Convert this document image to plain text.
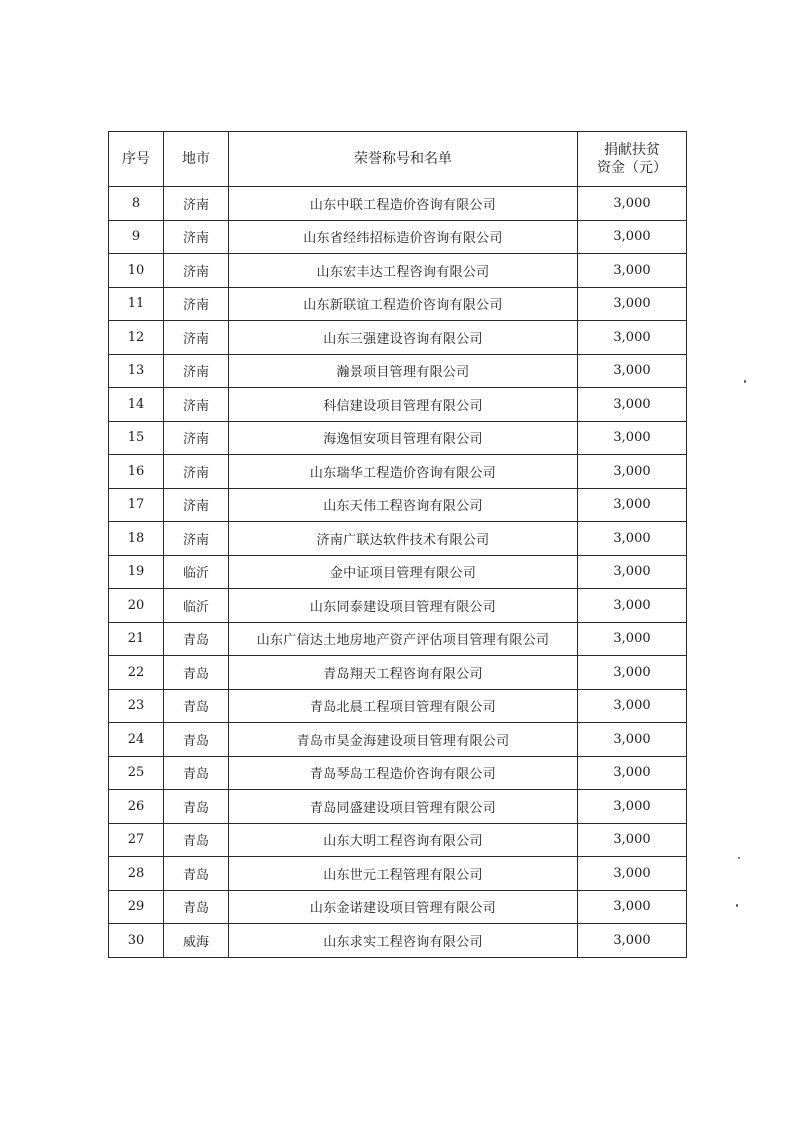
序号	地市	荣誉称号和名单	捐献扶贫
资金（元）

8	济南	山东中联工程造价咨询有限公司	3,000
9	济南	山东省经纬招标造价咨询有限公司	3,000
10	济南	山东宏丰达工程咨询有限公司	3,000
11	济南	山东新联谊工程造价咨询有限公司	3,000
12	济南	山东三强建设咨询有限公司	3,000
13	济南	瀚景项目管理有限公司	3,000
14	济南	科信建设项目管理有限公司	3,000
15	济南	海逸恒安项目管理有限公司	3,000
16	济南	山东瑞华工程造价咨询有限公司	3,000
17	济南	山东天伟工程咨询有限公司	3,000
18	济南	济南广联达软件技术有限公司	3,000
19	临沂	金中证项目管理有限公司	3,000
20	临沂	山东同泰建设项目管理有限公司	3,000
21	青岛	山东广信达土地房地产资产评估项目管理有限公司	3,000
22	青岛	青岛翔天工程咨询有限公司	3,000
23	青岛	青岛北晨工程项目管理有限公司	3,000
24	青岛	青岛市昊金海建设项目管理有限公司	3,000
25	青岛	青岛琴岛工程造价咨询有限公司	3,000
26	青岛	青岛同盛建设项目管理有限公司	3,000
27	青岛	山东大明工程咨询有限公司	3,000
28	青岛	山东世元工程管理有限公司	3,000
29	青岛	山东金诺建设项目管理有限公司	3,000
30	威海	山东求实工程咨询有限公司	3,000
